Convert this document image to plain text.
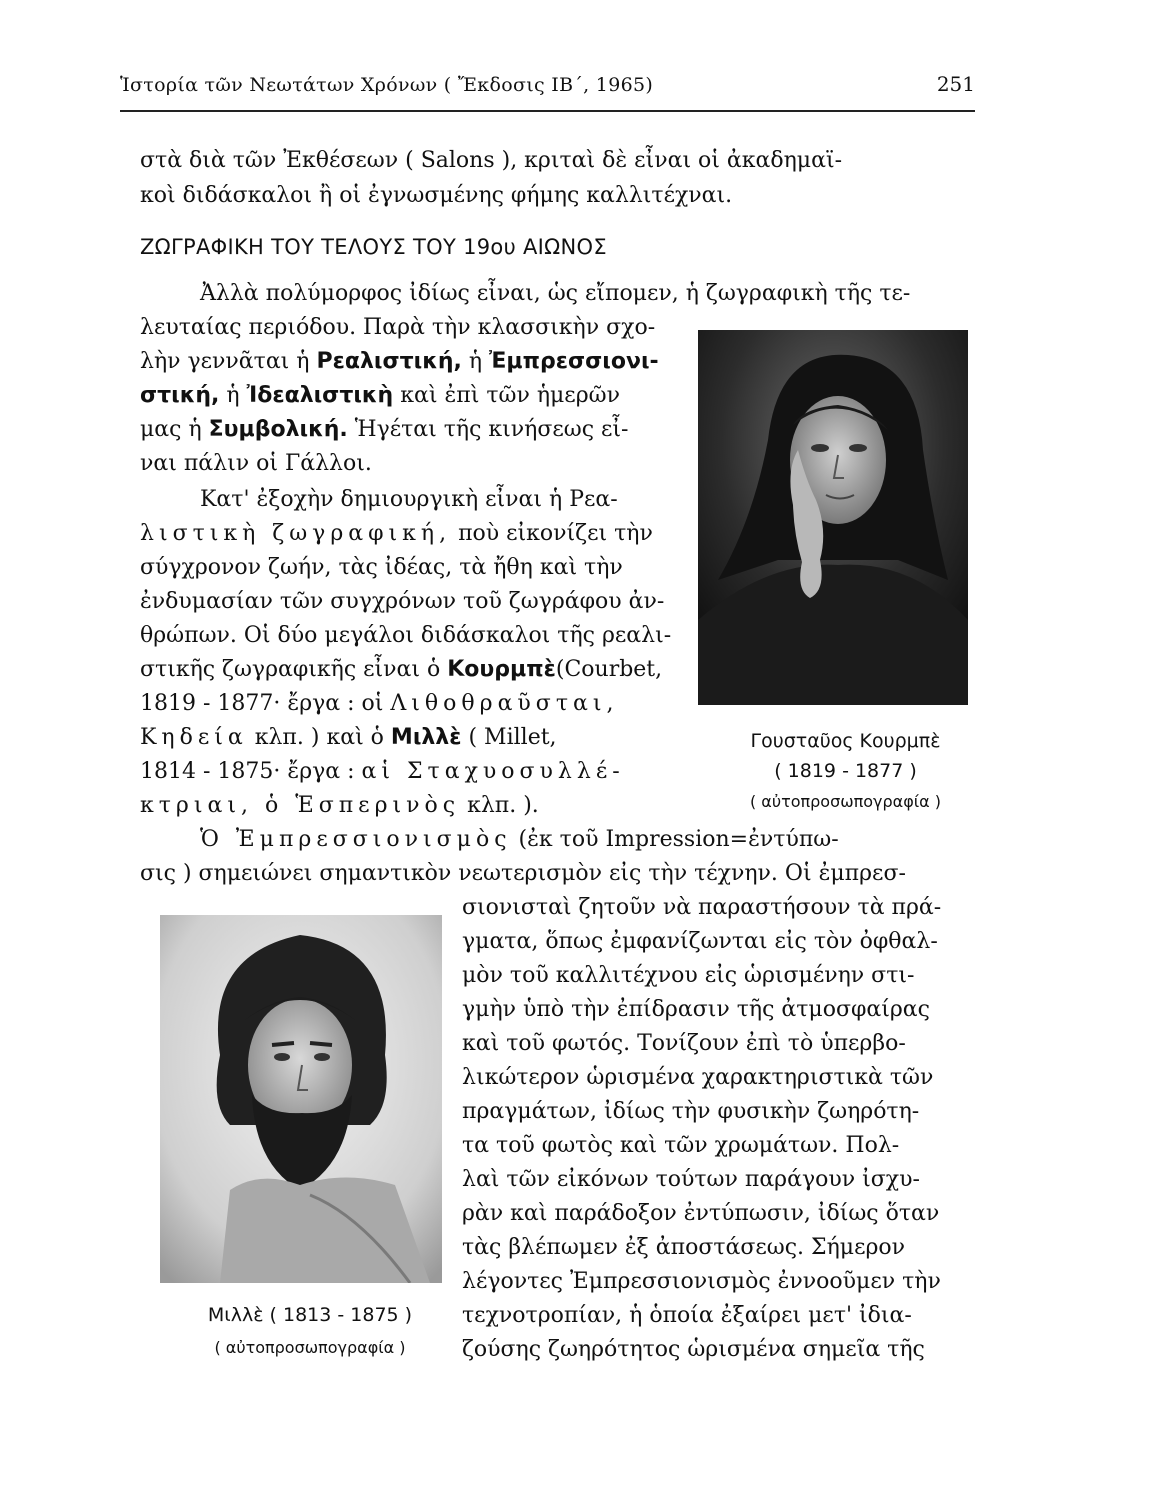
Ἱστορία τῶν Νεωτάτων Χρόνων ( Ἔκδοσις ΙΒ΄, 1965)	251
στὰ διὰ τῶν Ἐκθέσεων ( Salons ), κριταὶ δὲ εἶναι οἱ ἀκαδημαϊ-
κοὶ διδάσκαλοι ἢ οἱ ἐγνωσμένης φήμης καλλιτέχναι.
ΖΩΓΡΑΦΙΚΗ ΤΟΥ ΤΕΛΟΥΣ ΤΟΥ 19ου ΑΙΩΝΟΣ
Ἀλλὰ πολύμορφος ἰδίως εἶναι, ὡς εἴπομεν, ἡ ζωγραφικὴ τῆς τε-
λευταίας περιόδου. Παρὰ τὴν κλασσικὴν σχο-
λὴν γεννᾶται ἡ Ρεαλιστική, ἡ Ἐμπρεσσιονι-
στική, ἡ Ἰδεαλιστικὴ καὶ ἐπὶ τῶν ἡμερῶν
μας ἡ Συμβολική. Ἡγέται τῆς κινήσεως εἶ-
ναι πάλιν οἱ Γάλλοι.
Κατ' ἐξοχὴν δημιουργικὴ εἶναι ἡ Ρεα-
λιστικὴ ζωγραφική, ποὺ εἰκονίζει τὴν
σύγχρονον ζωήν, τὰς ἰδέας, τὰ ἤθη καὶ τὴν
ἐνδυμασίαν τῶν συγχρόνων τοῦ ζωγράφου ἀν-
θρώπων. Οἱ δύο μεγάλοι διδάσκαλοι τῆς ρεαλι-
στικῆς ζωγραφικῆς εἶναι ὁ Κουρμπὲ(Courbet,
1819 - 1877· ἔργα : οἱ Λιθοθραῦσται,
Κηδεία κλπ. ) καὶ ὁ Μιλλὲ ( Millet,
1814 - 1875· ἔργα : αἱ Σταχυοσυλλέ-
κτριαι, ὁ Ἑσπερινὸς κλπ. ).
Ὁ Ἐμπρεσσιονισμὸς (ἐκ τοῦ Impression=ἐντύπω-
σις ) σημειώνει σημαντικὸν νεωτερισμὸν εἰς τὴν τέχνην. Οἱ ἐμπρεσ-
σιονισταὶ ζητοῦν νὰ παραστήσουν τὰ πρά-
γματα, ὅπως ἐμφανίζωνται εἰς τὸν ὀφθαλ-
μὸν τοῦ καλλιτέχνου εἰς ὡρισμένην στι-
γμὴν ὑπὸ τὴν ἐπίδρασιν τῆς ἀτμοσφαίρας
καὶ τοῦ φωτός. Τονίζουν ἐπὶ τὸ ὑπερβο-
λικώτερον ὡρισμένα χαρακτηριστικὰ τῶν
πραγμάτων, ἰδίως τὴν φυσικὴν ζωηρότη-
τα τοῦ φωτὸς καὶ τῶν χρωμάτων. Πολ-
λαὶ τῶν εἰκόνων τούτων παράγουν ἰσχυ-
ρὰν καὶ παράδοξον ἐντύπωσιν, ἰδίως ὅταν
τὰς βλέπωμεν ἐξ ἀποστάσεως. Σήμερον
λέγοντες Ἐμπρεσσιονισμὸς ἐννοοῦμεν τὴν
τεχνοτροπίαν, ἡ ὁποία ἐξαίρει μετ' ἰδια-
ζούσης ζωηρότητος ὡρισμένα σημεῖα τῆς
Γουσταῦος Κουρμπὲ
( 1819 - 1877 )
( αὐτοπροσωπογραφία )
Μιλλὲ ( 1813 - 1875 )
( αὐτοπροσωπογραφία )
